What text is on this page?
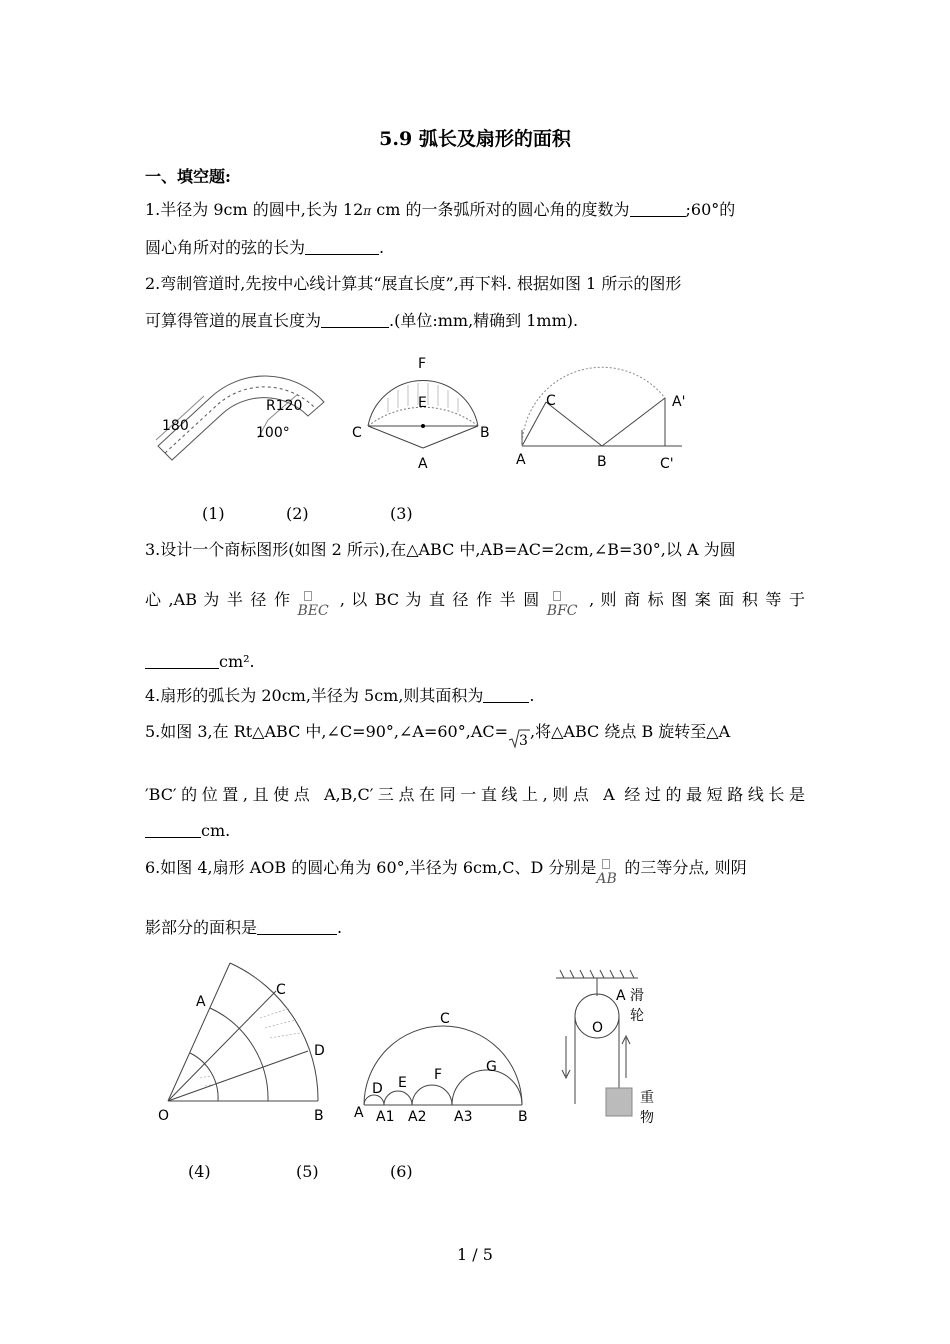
5.9 弧长及扇形的面积
一、填空题:
1.半径为 9cm 的圆中,长为 12π cm 的一条弧所对的圆心角的度数为	;60°的
圆心角所对的弦的长为	.
2.弯制管道时,先按中心线计算其“展直长度”,再下料. 根据如图 1 所示的图形
可算得管道的展直长度为	.(单位:mm,精确到 1mm).
180
R120
100°
F
E
C	B
A
C	A'
A	B	C'
(1)	(2)	(3)
3.设计一个商标图形(如图 2 所示),在△ABC 中,AB=AC=2cm,∠B=30°,以 A 为圆
心 ,AB 为 半 径 作
BEC
, 以 BC 为 直 径 作 半 圆
BFC
, 则 商 标 图 案 面 积 等 于
cm².
4.扇形的弧长为 20cm,半径为 5cm,则其面积为	.
5.如图 3,在 Rt△ABC 中,∠C=90°,∠A=60°,AC= 3 ,将△ABC 绕点 B 旋转至△A
′BC′的位置,且使点 A,B,C′三点在同一直线上,则点 A 经过的最短路线长是
cm.
6.如图 4,扇形 AOB 的圆心角为 60°,半径为 6cm,C、D 分别是
AB
的三等分点, 则阴
影部分的面积是	.
C
A
D
O	B
C
D E F	G
A A1 A2 A3	B
A
O
滑
轮
重
物
(4)	(5)	(6)
1 / 5
